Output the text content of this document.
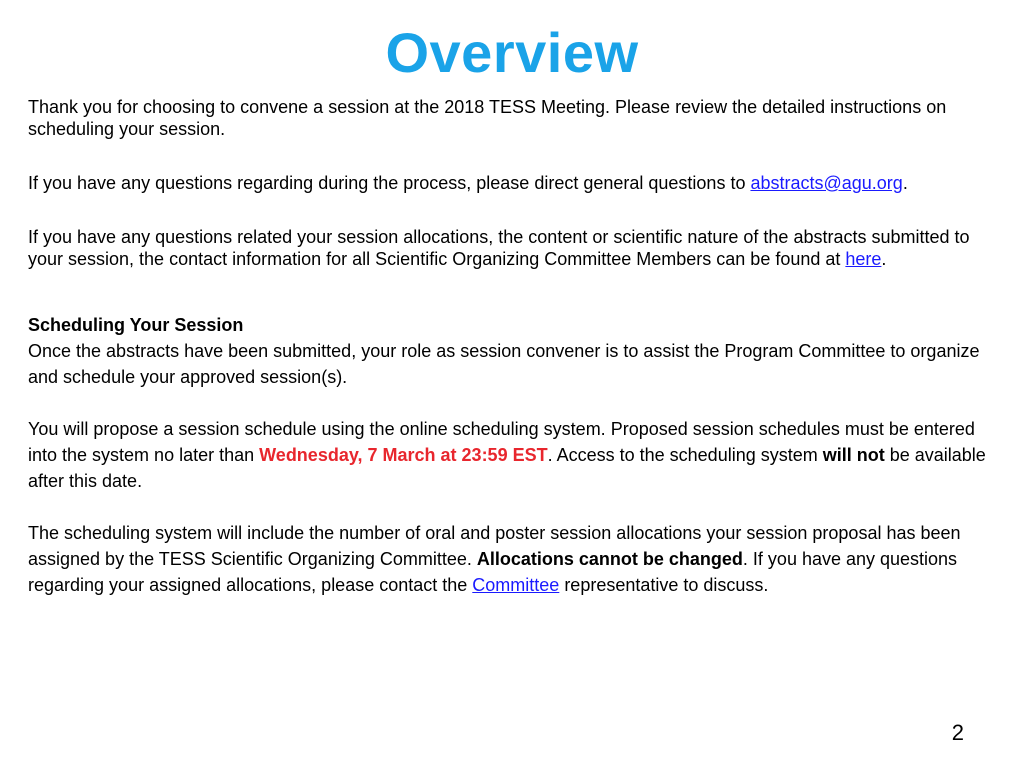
Overview

Thank you for choosing to convene a session at the 2018 TESS Meeting. Please review the detailed instructions on scheduling your session.

If you have any questions regarding during the process, please direct general questions to abstracts@agu.org.

If you have any questions related your session allocations, the content or scientific nature of the abstracts submitted to your session, the contact information for all Scientific Organizing Committee Members can be found at here.

Scheduling Your Session

Once the abstracts have been submitted, your role as session convener is to assist the Program Committee to organize and schedule your approved session(s).

You will propose a session schedule using the online scheduling system. Proposed session schedules must be entered into the system no later than Wednesday, 7 March at 23:59 EST. Access to the scheduling system will not be available after this date.

The scheduling system will include the number of oral and poster session allocations your session proposal has been assigned by the TESS Scientific Organizing Committee. Allocations cannot be changed. If you have any questions regarding your assigned allocations, please contact the Committee representative to discuss.

2
